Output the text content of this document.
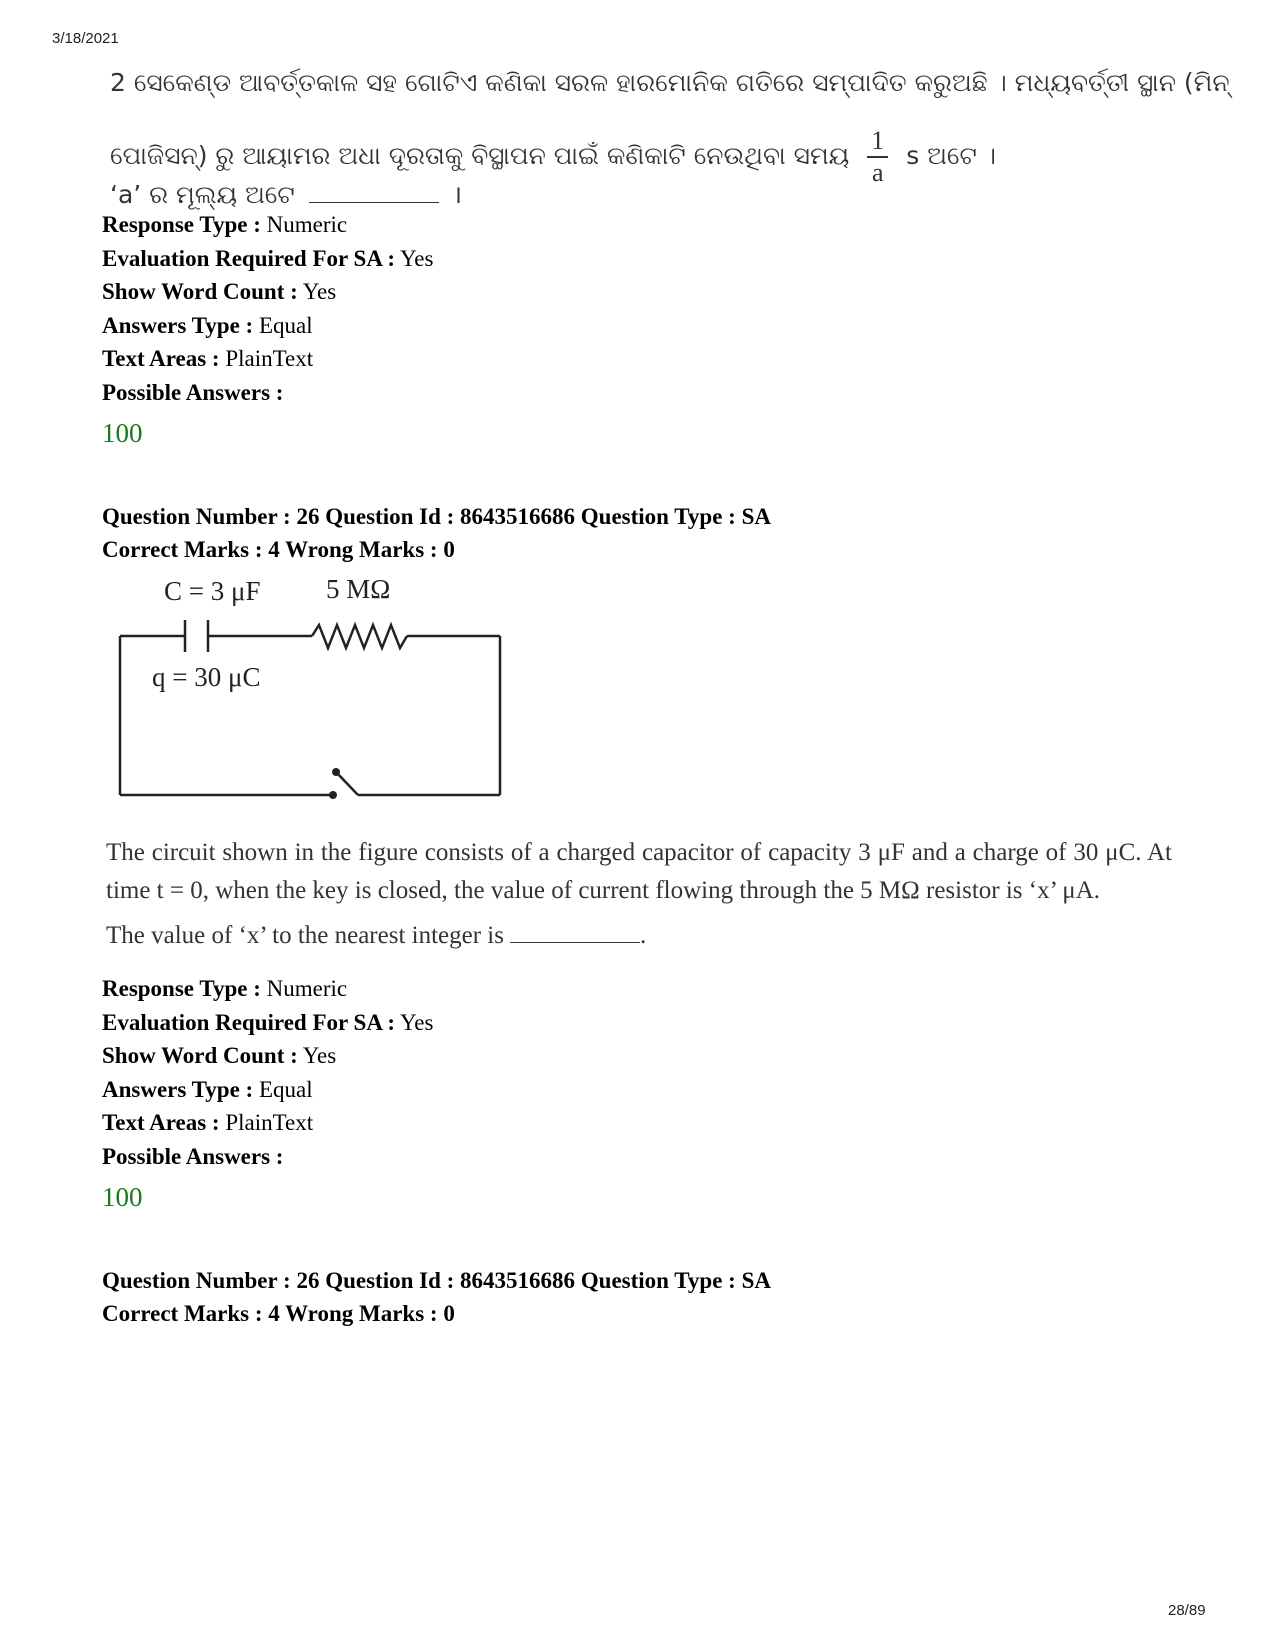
3/18/2021
2 ସେକେଣ୍ଡ ଆବର୍ତ୍ତକାଳ ସହ ଗୋଟିଏ କଣିକା ସରଳ ହାରମୋନିକ ଗତିରେ ସମ୍ପାଦିତ କରୁଅଛି । ମଧ୍ୟବର୍ତ୍ତୀ ସ୍ଥାନ (ମିନ୍
ପୋଜିସନ୍) ରୁ ଆୟାମର ଅଧା ଦୂରତାକୁ ବିସ୍ଥାପନ ପାଇଁ କଣିକାଟି ନେଉଥିବା ସମୟ $\frac{1}{a}$ s ଅଟେ ।
‘a’ ର ମୂଲ୍ୟ ଅଟେ	।
Response Type : Numeric
Evaluation Required For SA : Yes
Show Word Count : Yes
Answers Type : Equal
Text Areas : PlainText
Possible Answers :
100
Question Number : 26 Question Id : 8643516686 Question Type : SA
Correct Marks : 4 Wrong Marks : 0
C = 3 μF 5 MΩ
q = 30 μC

The circuit shown in the figure consists of a charged capacitor of capacity 3 μF and a charge of 30 μC. At time t = 0, when the key is closed, the value of current flowing through the 5 MΩ resistor is ‘x’ μA.

The value of ‘x’ to the nearest integer is	.

Response Type : Numeric
Evaluation Required For SA : Yes
Show Word Count : Yes
Answers Type : Equal
Text Areas : PlainText
Possible Answers :
100
Question Number : 26 Question Id : 8643516686 Question Type : SA
Correct Marks : 4 Wrong Marks : 0
28/89
